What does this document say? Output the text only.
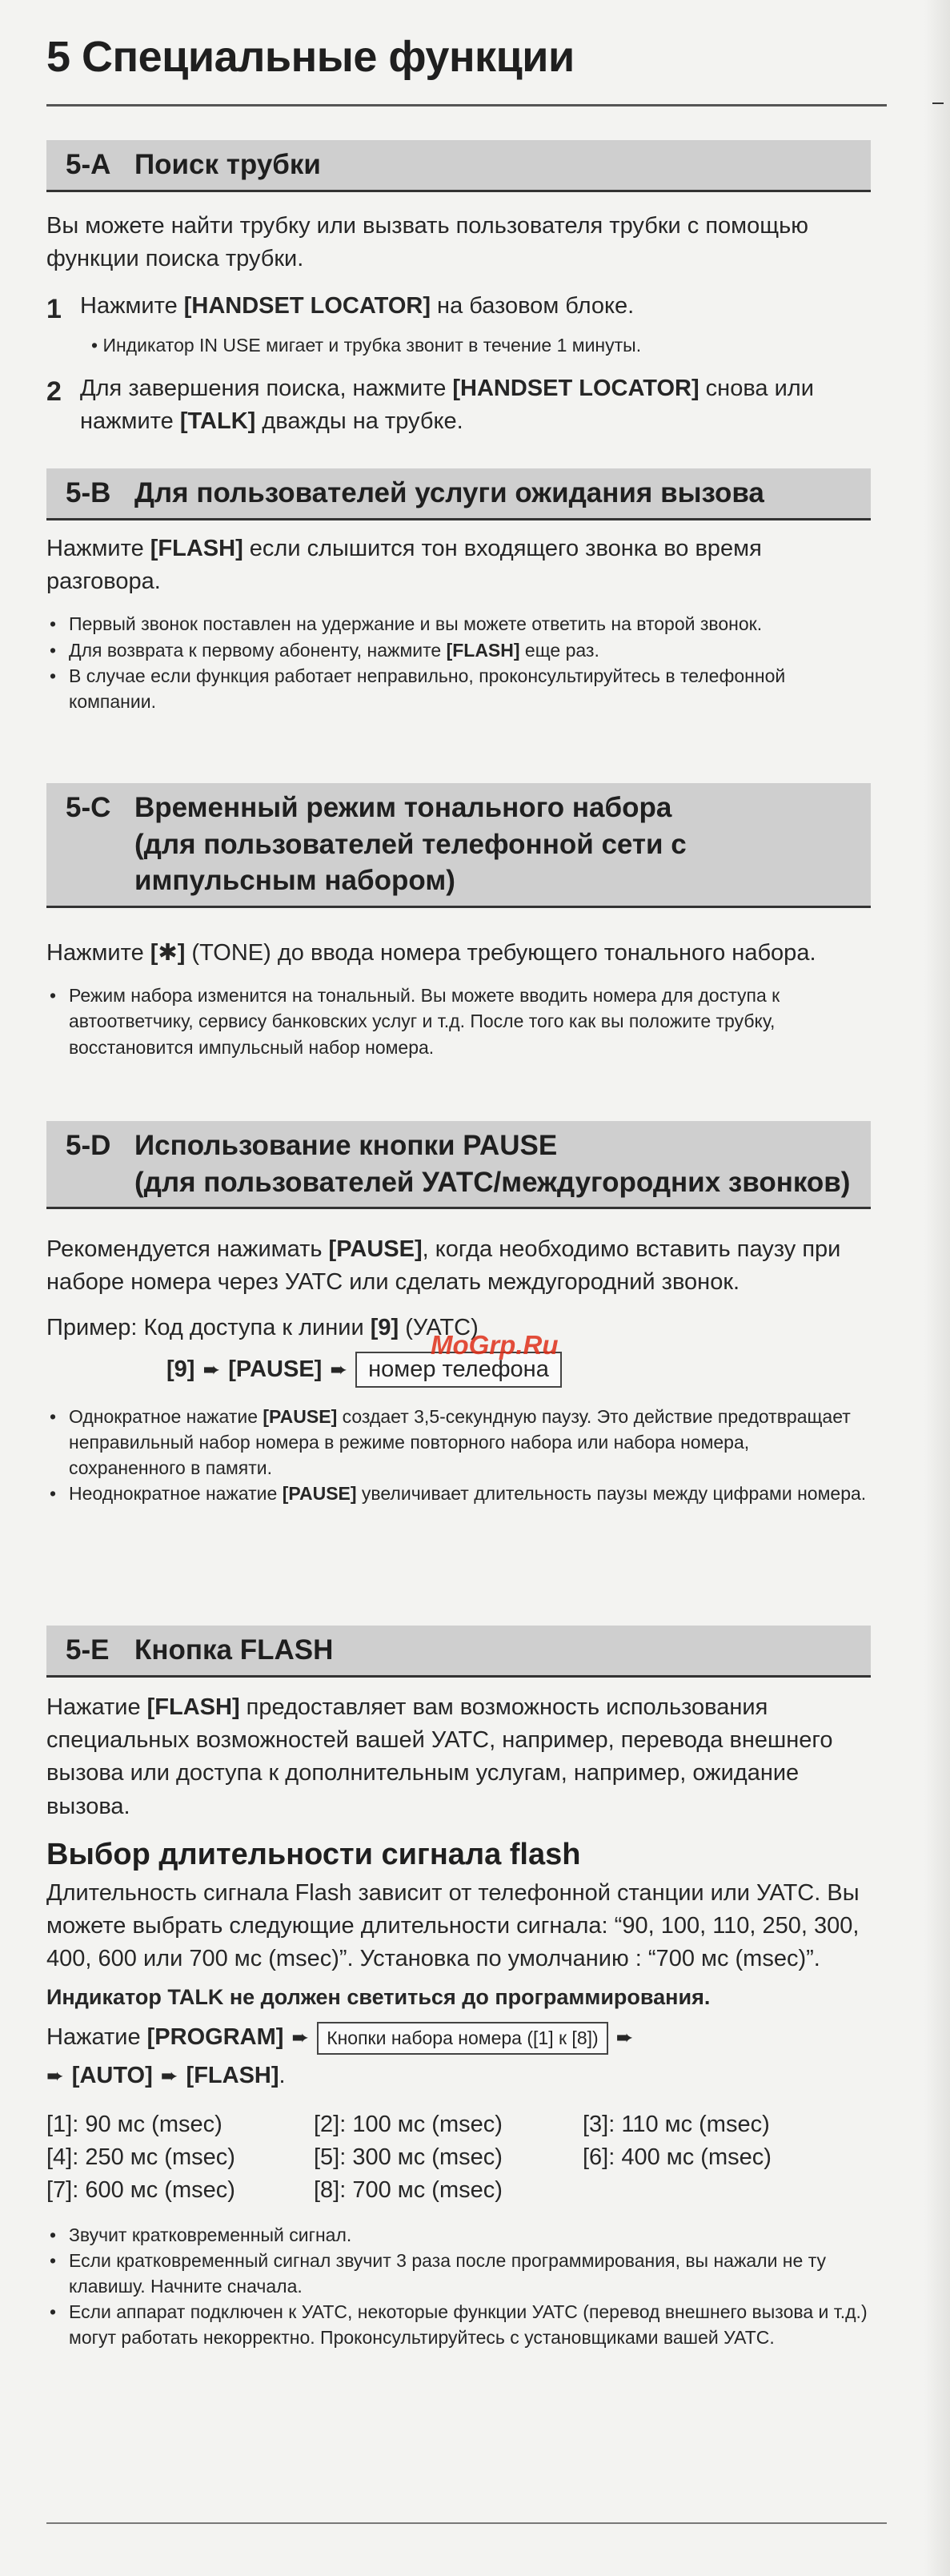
5 Специальные функции
5-A Поиск трубки

Вы можете найти трубку или вызвать пользователя трубки с помощью функции поиска трубки.

1 Нажмите [HANDSET LOCATOR] на базовом блоке.
• Индикатор IN USE мигает и трубка звонит в течение 1 минуты.
2 Для завершения поиска, нажмите [HANDSET LOCATOR] снова или нажмите [TALK] дважды на трубке.
5-B Для пользователей услуги ожидания вызова

Нажмите [FLASH] если слышится тон входящего звонка во время разговора.

• Первый звонок поставлен на удержание и вы можете ответить на второй звонок.
• Для возврата к первому абоненту, нажмите [FLASH] еще раз.
• В случае если функция работает неправильно, проконсультируйтесь в телефонной компании.
5-C Временный режим тонального набора
(для пользователей телефонной сети с
импульсным набором)

Нажмите [✱] (TONE) до ввода номера требующего тонального набора.

• Режим набора изменится на тональный. Вы можете вводить номера для доступа к автоответчику, сервису банковских услуг и т.д. После того как вы положите трубку, восстановится импульсный набор номера.
5-D Использование кнопки PAUSE
(для пользователей УАТС/междугородних звонков)

Рекомендуется нажимать [PAUSE], когда необходимо вставить паузу при наборе номера через УАТС или сделать междугородний звонок.

Пример: Код доступа к линии [9] (УАТС)

[9] ➨ [PAUSE] ➨ номер телефона

• Однократное нажатие [PAUSE] создает 3,5-секундную паузу. Это действие предотвращает неправильный набор номера в режиме повторного набора или набора номера, сохраненного в памяти.
• Неоднократное нажатие [PAUSE] увеличивает длительность паузы между цифрами номера.
MoGrp.Ru
5-E Кнопка FLASH

Нажатие [FLASH] предоставляет вам возможность использования специальных возможностей вашей УАТС, например, перевода внешнего вызова или доступа к дополнительным услугам, например, ожидание вызова.

Выбор длительности сигнала flash

Длительность сигнала Flash зависит от телефонной станции или УАТС. Вы можете выбрать следующие длительности сигнала: “90, 100, 110, 250, 300, 400, 600 или 700 мс (msec)”. Установка по умолчанию : “700 мс (msec)”.

Индикатор TALK не должен светиться до программирования.

Нажатие [PROGRAM] ➨ Кнопки набора номера ([1] к [8]) ➨

➨ [AUTO] ➨ [FLASH].

[1]: 90 мс (msec)	[2]: 100 мс (msec)	[3]: 110 мс (msec)
[4]: 250 мс (msec)	[5]: 300 мс (msec)	[6]: 400 мс (msec)
[7]: 600 мс (msec)	[8]: 700 мс (msec)
• Звучит кратковременный сигнал.
• Если кратковременный сигнал звучит 3 раза после программирования, вы нажали не ту клавишу. Начните сначала.
• Если аппарат подключен к УАТС, некоторые функции УАТС (перевод внешнего вызова и т.д.) могут работать некорректно. Проконсультируйтесь с установщиками вашей УАТС.
